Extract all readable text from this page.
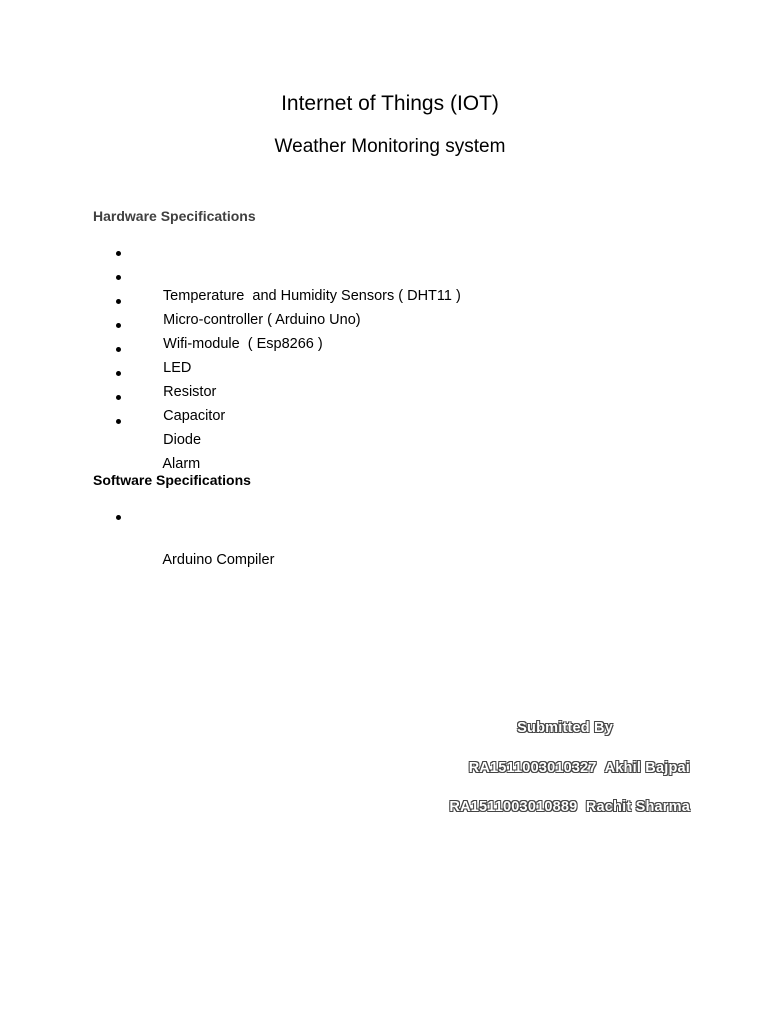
Internet of Things (IOT)
Weather Monitoring system
Hardware Specifications

Temperature  and Humidity Sensors ( DHT11 )

Micro-controller ( Arduino Uno)

Wifi-module  ( Esp8266 )

LED

Resistor

Capacitor

Diode

Alarm

Software Specifications

Arduino Compiler

Submitted By
RA1511003010327  Akhil Bajpai
RA1511003010889  Rachit Sharma
